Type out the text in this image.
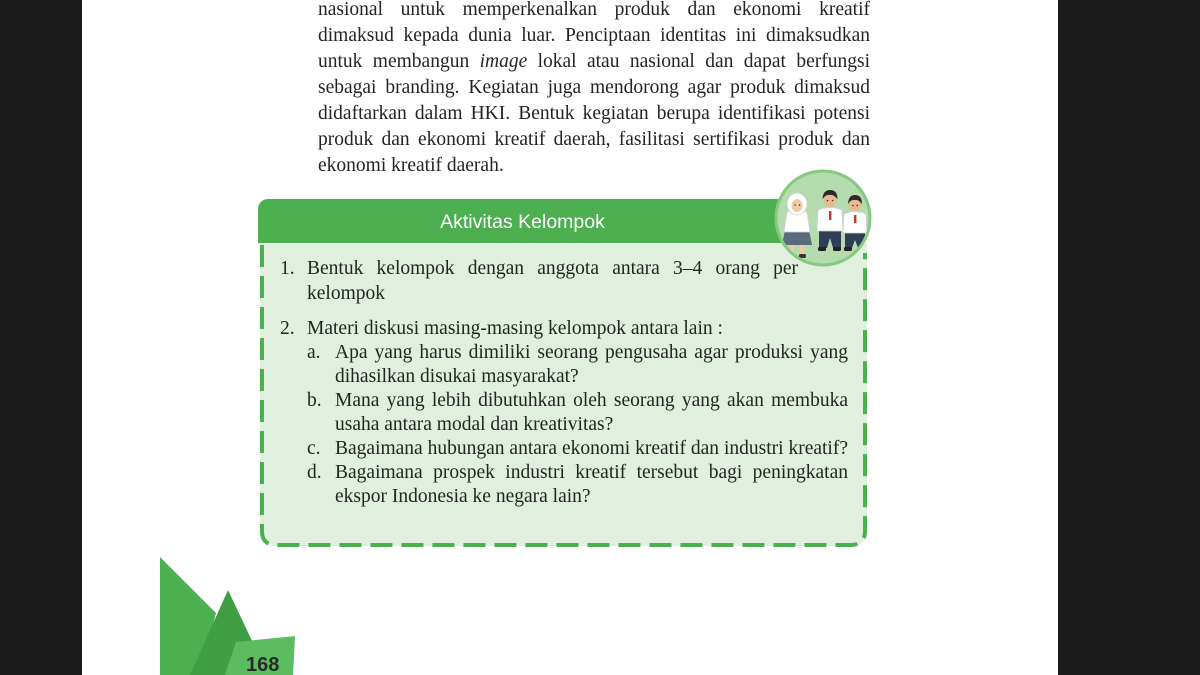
nasional untuk memperkenalkan produk dan ekonomi kreatif
dimaksud kepada dunia luar. Penciptaan identitas ini dimaksudkan
untuk membangun image lokal atau nasional dan dapat berfungsi
sebagai branding. Kegiatan juga mendorong agar produk dimaksud
didaftarkan dalam HKI. Bentuk kegiatan berupa identifikasi potensi
produk dan ekonomi kreatif daerah, fasilitasi sertifikasi produk dan
ekonomi kreatif daerah.
Aktivitas Kelompok
1. Bentuk kelompok dengan anggota antara 3–4 orang per
kelompok
2. Materi diskusi masing-masing kelompok antara lain :
a. Apa yang harus dimiliki seorang pengusaha agar produksi yang
dihasilkan disukai masyarakat?
b. Mana yang lebih dibutuhkan oleh seorang yang akan membuka
usaha antara modal dan kreativitas?
c. Bagaimana hubungan antara ekonomi kreatif dan industri kreatif?
d. Bagaimana prospek industri kreatif tersebut bagi peningkatan
ekspor Indonesia ke negara lain?
168
